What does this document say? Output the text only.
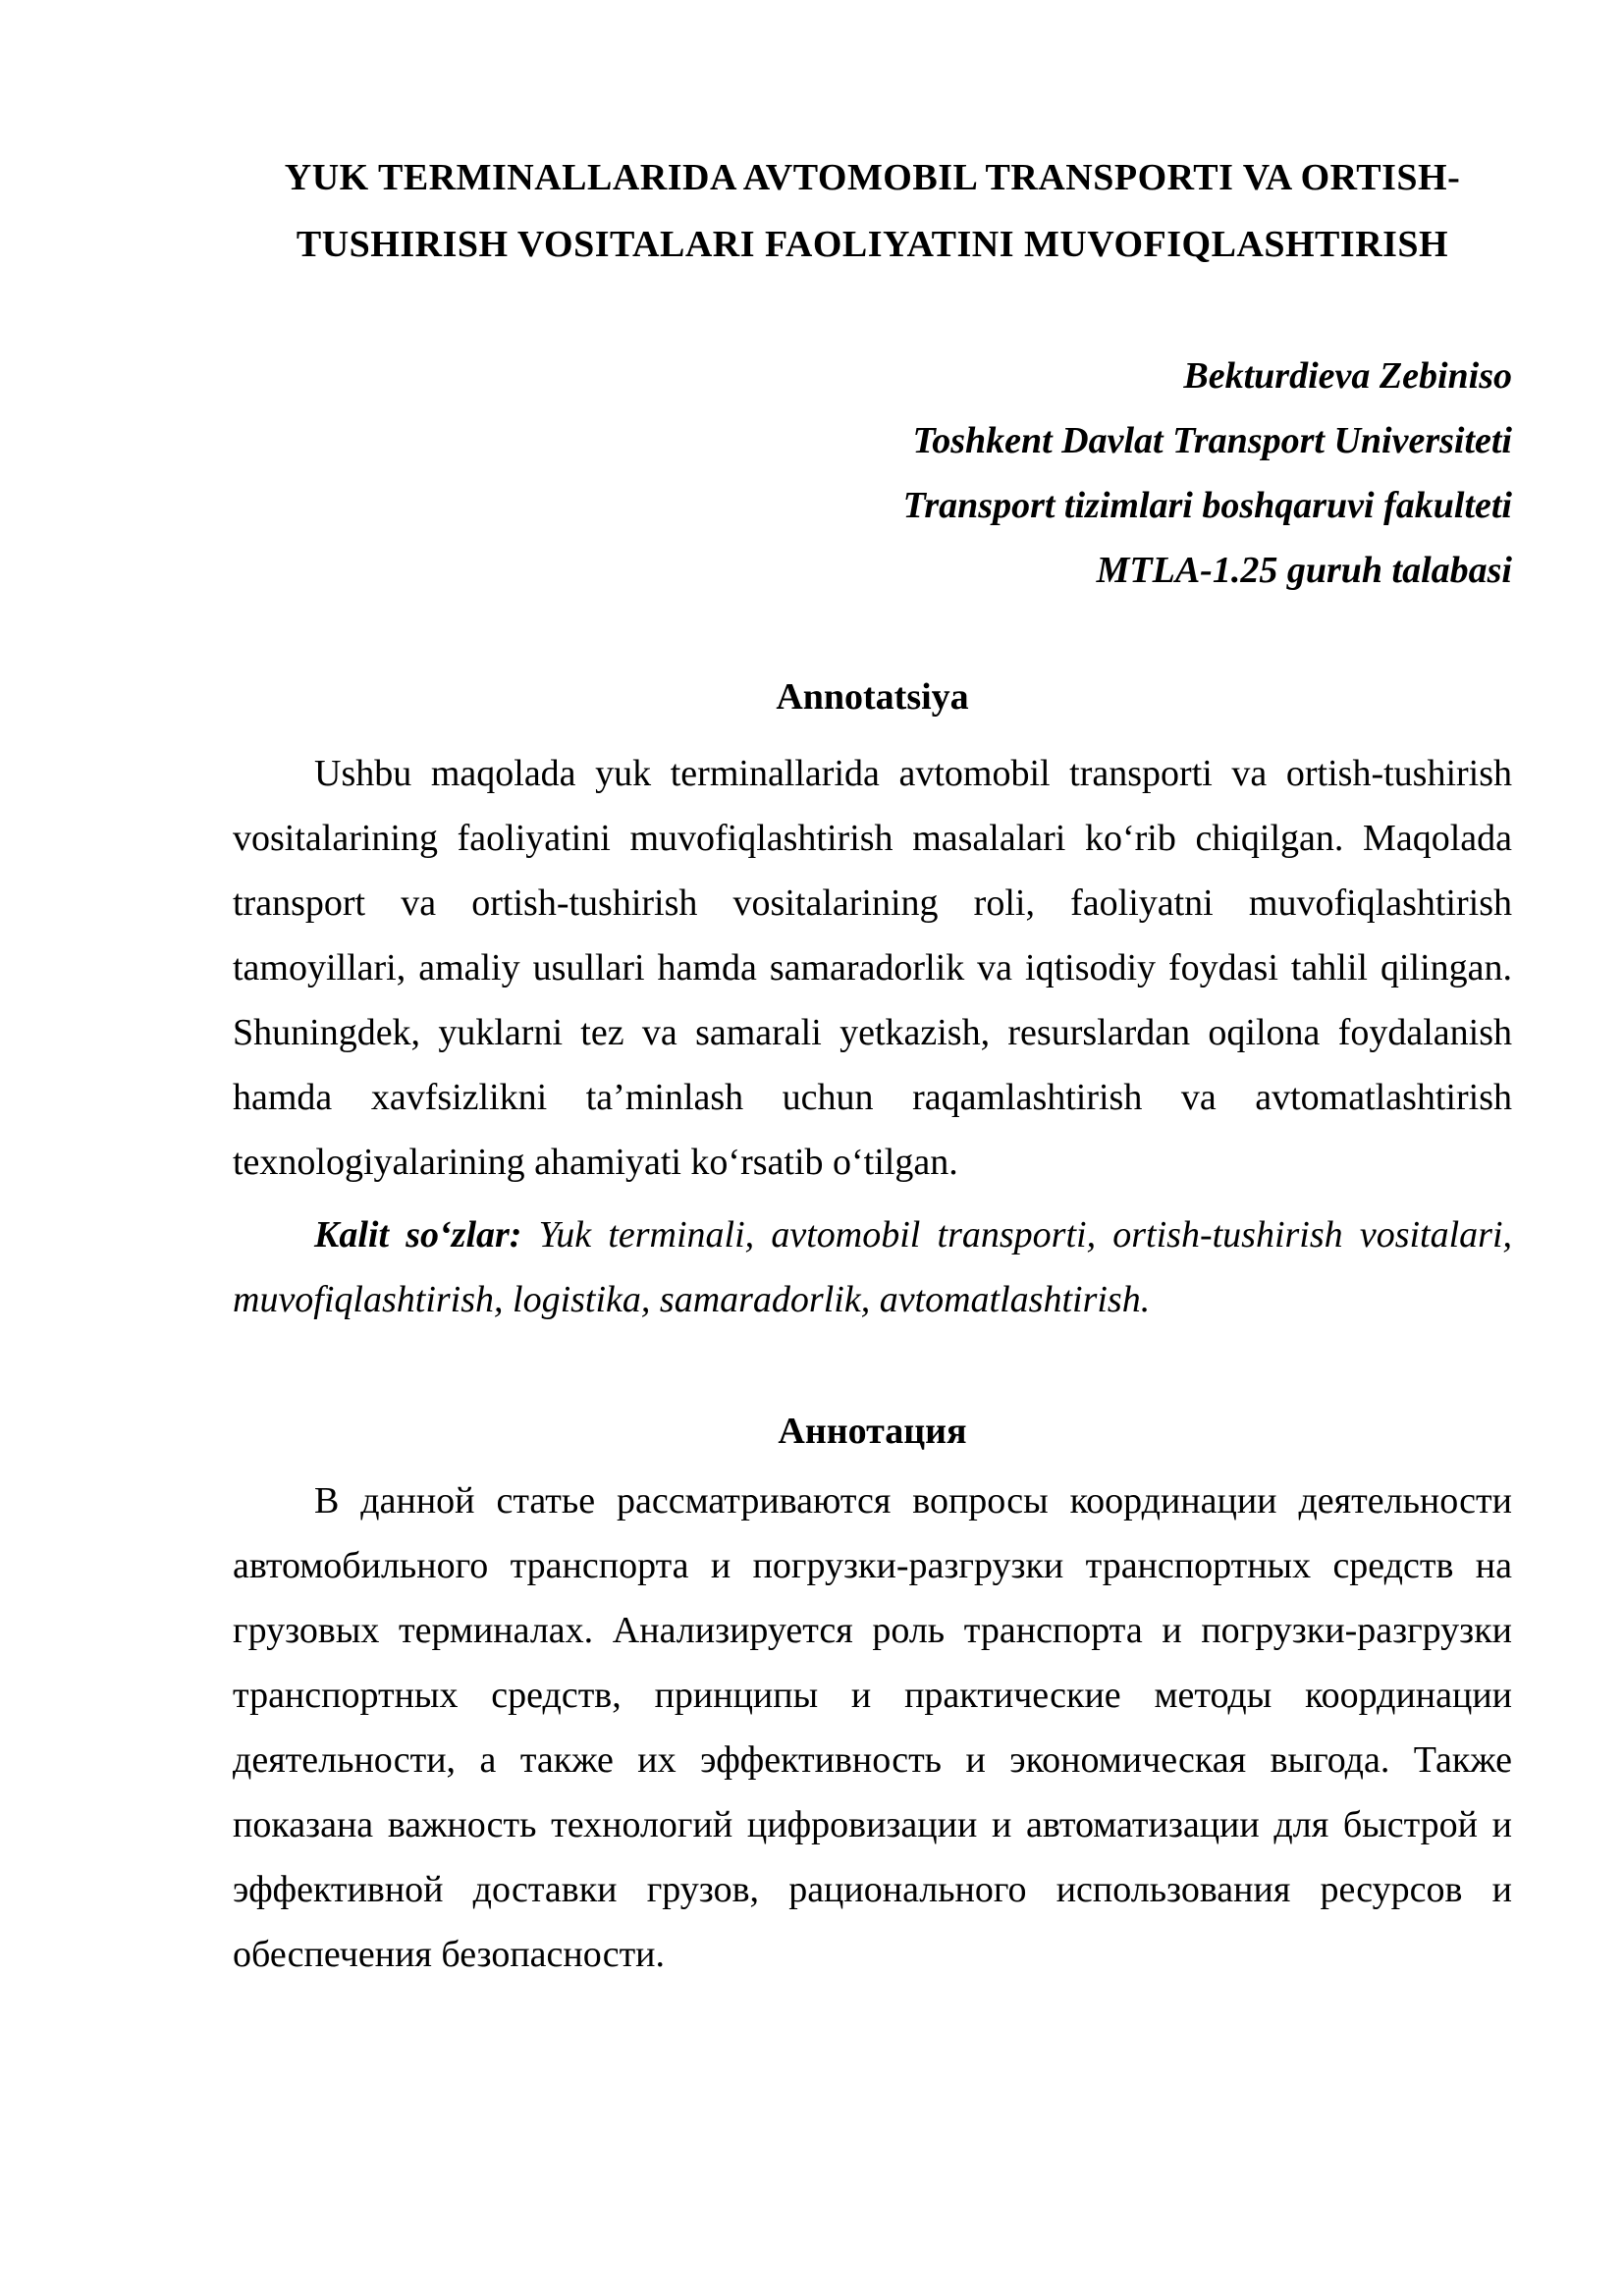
YUK TERMINALLARIDA AVTOMOBIL TRANSPORTI VA ORTISH-
TUSHIRISH VOSITALARI FAOLIYATINI MUVOFIQLASHTIRISH
Bekturdieva Zebiniso
Toshkent Davlat Transport Universiteti
Transport tizimlari boshqaruvi fakulteti
MTLA-1.25 guruh talabasi
Annotatsiya
Ushbu maqolada yuk terminallarida avtomobil transporti va ortish-tushirish
vositalarining faoliyatini muvofiqlashtirish masalalari ko‘rib chiqilgan. Maqolada
transport va ortish-tushirish vositalarining roli, faoliyatni muvofiqlashtirish
tamoyillari, amaliy usullari hamda samaradorlik va iqtisodiy foydasi tahlil qilingan.
Shuningdek, yuklarni tez va samarali yetkazish, resurslardan oqilona foydalanish
hamda xavfsizlikni ta’minlash uchun raqamlashtirish va avtomatlashtirish
texnologiyalarining ahamiyati ko‘rsatib o‘tilgan.
Kalit so‘zlar: Yuk terminali, avtomobil transporti, ortish-tushirish vositalari,
muvofiqlashtirish, logistika, samaradorlik, avtomatlashtirish.
Аннотация
В данной статье рассматриваются вопросы координации деятельности
автомобильного транспорта и погрузки-разгрузки транспортных средств на
грузовых терминалах. Анализируется роль транспорта и погрузки-разгрузки
транспортных средств, принципы и практические методы координации
деятельности, а также их эффективность и экономическая выгода. Также
показана важность технологий цифровизации и автоматизации для быстрой и
эффективной доставки грузов, рационального использования ресурсов и
обеспечения безопасности.
